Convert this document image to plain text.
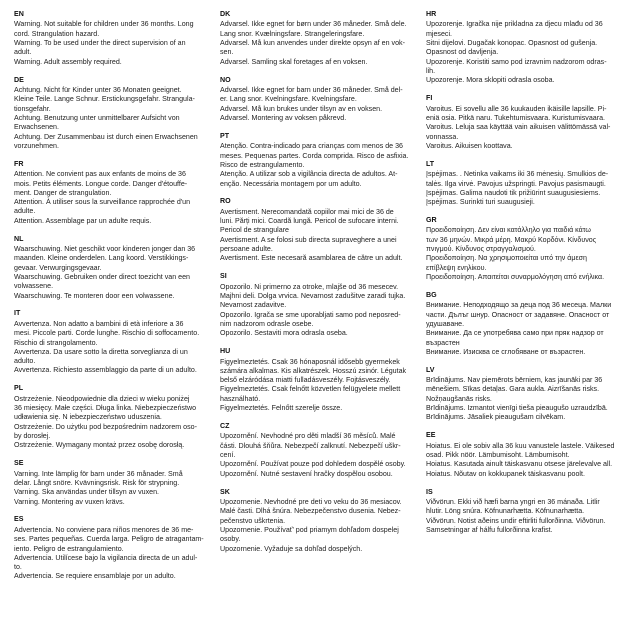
EN
Warning. Not suitable for children under 36 months. Long
cord. Strangulation hazard.
Warning. To be used under the direct supervision of an
adult.
Warning. Adult assembly required.
DE
Achtung. Nicht für Kinder unter 36 Monaten geeignet.
Kleine Teile. Lange Schnur. Erstickungsgefahr. Strangula-
tionsgefahr.
Achtung. Benutzung unter unmittelbarer Aufsicht von
Erwachsenen.
Achtung. Der Zusammenbau ist durch einen Erwachsenen
vorzunehmen.
FR
Attention. Ne convient pas aux enfants de moins de 36
mois. Petits éléments. Longue corde. Danger d'étouffe-
ment. Danger de strangulation.
Attention. À utiliser sous la surveillance rapprochée d'un
adulte.
Attention. Assemblage par un adulte requis.
NL
Waarschuwing. Niet geschikt voor kinderen jonger dan 36
maanden. Kleine onderdelen. Lang koord. Verstikkings-
gevaar. Verwurgingsgevaar.
Waarschuwing. Gebruiken onder direct toezicht van een
volwassene.
Waarschuwing. Te monteren door een volwassene.
IT
Avvertenza. Non adatto a bambini di età inferiore a 36
mesi. Piccole parti. Corde lunghe. Rischio di soffocamento.
Rischio di strangolamento.
Avvertenza. Da usare sotto la diretta sorveglianza di un
adulto.
Avvertenza. Richiesto assemblaggio da parte di un adulto.
PL
Ostrzeżenie. Nieodpowiednie dla dzieci w wieku poniżej
36 miesięcy. Małe części. Długa linka. Niebezpieczeństwo
udławienia się. N iebezpieczeństwo uduszenia.
Ostrzeżenie. Do użytku pod bezpośrednim nadzorem oso-
by dorosłej.
Ostrzeżenie. Wymagany montaż przez osobę dorosłą.
SE
Varning. Inte lämplig för barn under 36 månader. Små
delar. Långt snöre. Kvävningsrisk. Risk för strypning.
Varning. Ska användas under tillsyn av vuxen.
Varning. Montering av vuxen krävs.
ES
Advertencia. No conviene para niños menores de 36 me-
ses. Partes pequeñas. Cuerda larga. Peligro de atragantam-
iento. Peligro de estrangulamiento.
Advertencia. Utilícese bajo la vigilancia directa de un adul-
to.
Advertencia. Se requiere ensamblaje por un adulto.
DK
Advarsel. Ikke egnet for børn under 36 måneder. Små dele.
Lang snor. Kvælningsfare. Strangeleringsfare.
Advarsel. Må kun anvendes under direkte opsyn af en vok-
sen.
Advarsel. Samling skal foretages af en voksen.
NO
Advarsel. Ikke egnet for barn under 36 måneder. Små del-
er. Lang snor. Kvelningsfare. Kvelningsfare.
Advarsel. Må kun brukes under tilsyn av en voksen.
Advarsel. Montering av voksen påkrevd.
PT
Atenção. Contra-indicado para crianças com menos de 36
meses. Pequenas partes. Corda comprida. Risco de asfixia.
Risco de estrangulamento.
Atenção. A utilizar sob a vigilância directa de adultos. At-
enção. Necessária montagem por um adulto.
RO
Avertisment. Nerecomandată copiilor mai mici de 36 de
luni. Părți mici. Coardă lungă. Pericol de sufocare interni.
Pericol de strangulare
Avertisment. A se folosi sub directa supraveghere a unei
persoane adulte.
Avertisment. Este necesară asamblarea de către un adult.
SI
Opozorilo. Ni primerno za otroke, mlajše od 36 mesecev.
Majhni deli. Dolga vrvica. Nevarnost zadušitve zaradi tujka.
Nevarnost zadavitve.
Opozorilo. Igrača se sme uporabljati samo pod neposred-
nim nadzorom odrasle osebe.
Opozorilo. Sestaviti mora odrasla oseba.
HU
Figyelmeztetés. Csak 36 hónaposnál idősebb gyermekek
számára alkalmas. Kis alkatrészek. Hosszú zsinór. Légutak
belső elzáródása miatti fulladásveszély. Fojtásveszély.
Figyelmeztetés. Csak felnőtt közvetlen felügyelete mellett
használható.
Figyelmeztetés. Felnőtt szerelje össze.
CZ
Upozornění. Nevhodné pro děti mladší 36 měsíců. Malé
části. Dlouhá šňůra. Nebezpečí zalknutí. Nebezpečí uškr-
cení.
Upozornění. Používat pouze pod dohledem dospělé osoby.
Upozornění. Nutné sestavení hračky dospělou osobou.
SK
Upozornenie. Nevhodné pre deti vo veku do 36 mesiacov.
Malé časti. Dlhá šnúra. Nebezpečenstvo dusenia. Nebez-
pečenstvo uškrtenia.
Upozornenie. Používať' pod priamym dohľadom dospelej
osoby.
Upozornenie. Vyžaduje sa dohľad dospelých.
HR
Upozorenje. Igračka nije prikladna za djecu mlađu od 36
mjeseci.
Sitni dijelovi. Dugačak konopac. Opasnost od gušenja.
Opasnost od davljenja.
Upozorenje. Koristiti samo pod izravnim nadzorom odras-
lih.
Upozorenje. Mora sklopiti odrasla osoba.
FI
Varoitus. Ei sovellu alle 36 kuukauden ikäisille lapsille. Pi-
eniä osia. Pitkä naru. Tukehtumisvaara. Kuristumisvaara.
Varoitus. Leluja saa käyttää vain aikuisen välittömässä val-
vonnassa.
Varoitus. Aikuisen koottava.
LT
Įspėjimas. . Netinka vaikams iki 36 mėnesių. Smulkios de-
talės. Ilga virvė. Pavojus užspringti. Pavojus pasismaugti.
Įspėjimas. Galima naudoti tik prižiūrint suaugusiesiems.
Įspėjimas. Surinkti turi suaugusieji.
GR
Προειδοποίηση. Δεν είναι κατάλληλο για παιδιά κάτω
των 36 μηνών. Μικρά μέρη. Μακρύ Κορδόνι. Κίνδυνος
πνιγμού. Κίνδυνος στραγγαλισμού.
Προειδοποίηση. Να χρησιμοποιείται υπό την άμεση
επίβλεψη ενηλίκου.
Προειδοποίηση. Απαιτείται συναρμολόγηση από ενήλικα.
BG
Внимание. Неподходящо за деца под 36 месеца. Малки
части. Дълъг шнур. Опасност от задавяне. Опасност от
удушаване.
Внимание. Да се употребява само при пряк надзор от
възрастен
Внимание. Изисква се сглобяване от възрастен.
LV
Brīdinājums. Nav piemērots bērniem, kas jaunāki par 36
mēnešiem. Sīkas detaļas. Gara aukla. Aizrīšanās risks.
Nožņaugšanās risks.
Brīdinājums. Izmantot vienīgi tieša pieaugušo uzraudzībā.
Brīdinājums. Jāsaliek pieaugušam cilvēkam.
EE
Hoiatus. Ei ole sobiv alla 36 kuu vanustele lastele. Väikesed
osad. Pikk nöör. Lämbumisoht. Lämbumisoht.
Hoiatus. Kasutada ainult täiskasvanu otsese järelevalve all.
Hoiatus. Nõutav on kokkupanek täiskasvanu poolt.
IS
Viðvörun. Ekki við hæfi barna yngri en 36 mánaða. Litlir
hlutir. Löng snúra. Köfnunarhætta. Köfnunarhætta.
Viðvörun. Notist aðeins undir eftirliti fullorðinna. Viðvörun.
Samsetningar af hálfu fullorðinna krafist.
